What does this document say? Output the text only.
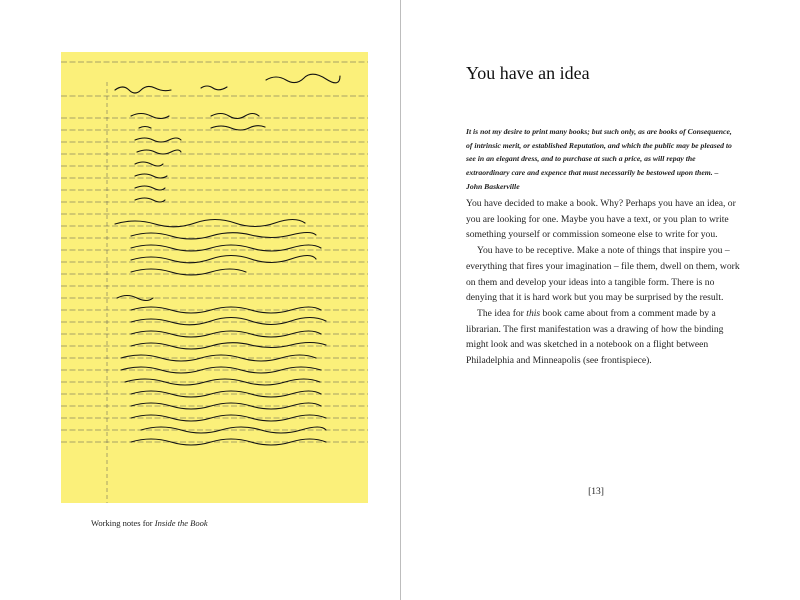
Working notes for Inside the Book
You have an idea

It is not my desire to print many books; but such only, as are books of Consequence, of intrinsic merit, or established Reputation, and which the public may be pleased to see in an elegant dress, and to purchase at such a price, as will repay the extraordinary care and expence that must necessarily be bestowed upon them. – John Baskerville

You have decided to make a book. Why? Perhaps you have an idea, or you are looking for one. Maybe you have a text, or you plan to write something yourself or commission someone else to write for you.

You have to be receptive. Make a note of things that inspire you – everything that fires your imagination – file them, dwell on them, work on them and develop your ideas into a tangible form. There is no denying that it is hard work but you may be surprised by the result.

The idea for this book came about from a comment made by a librarian. The first manifestation was a drawing of how the binding might look and was sketched in a notebook on a flight between Philadelphia and Minneapolis (see frontispiece).

[13]
